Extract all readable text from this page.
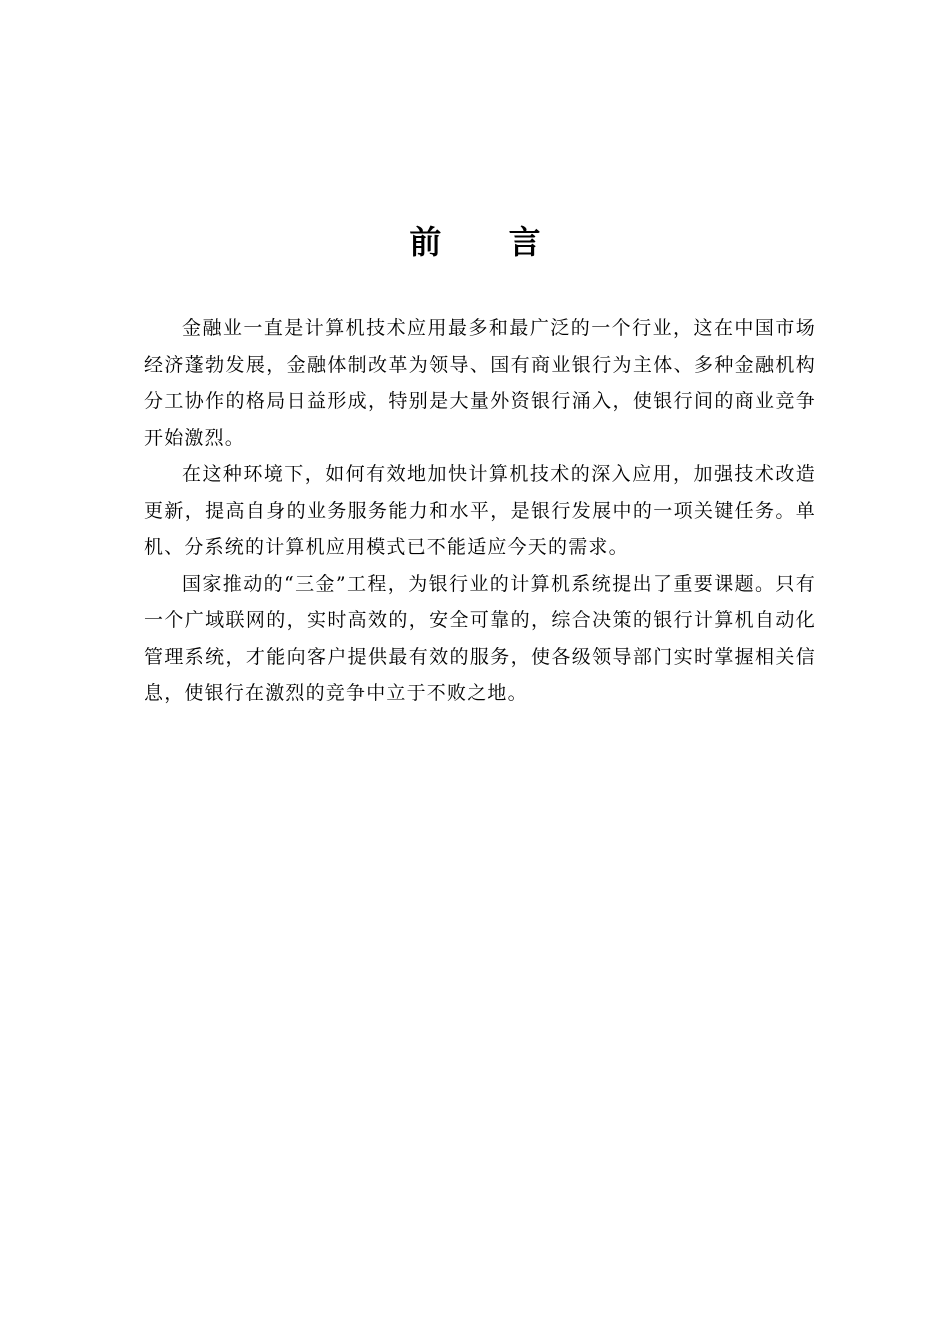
前 言

金融业一直是计算机技术应用最多和最广泛的一个行业，这在中国市场经济蓬勃发展，金融体制改革为领导、国有商业银行为主体、多种金融机构分工协作的格局日益形成，特别是大量外资银行涌入，使银行间的商业竞争开始激烈。

在这种环境下，如何有效地加快计算机技术的深入应用，加强技术改造更新，提高自身的业务服务能力和水平，是银行发展中的一项关键任务。单机、分系统的计算机应用模式已不能适应今天的需求。

国家推动的“三金”工程，为银行业的计算机系统提出了重要课题。只有一个广域联网的，实时高效的，安全可靠的，综合决策的银行计算机自动化管理系统，才能向客户提供最有效的服务，使各级领导部门实时掌握相关信息，使银行在激烈的竞争中立于不败之地。
